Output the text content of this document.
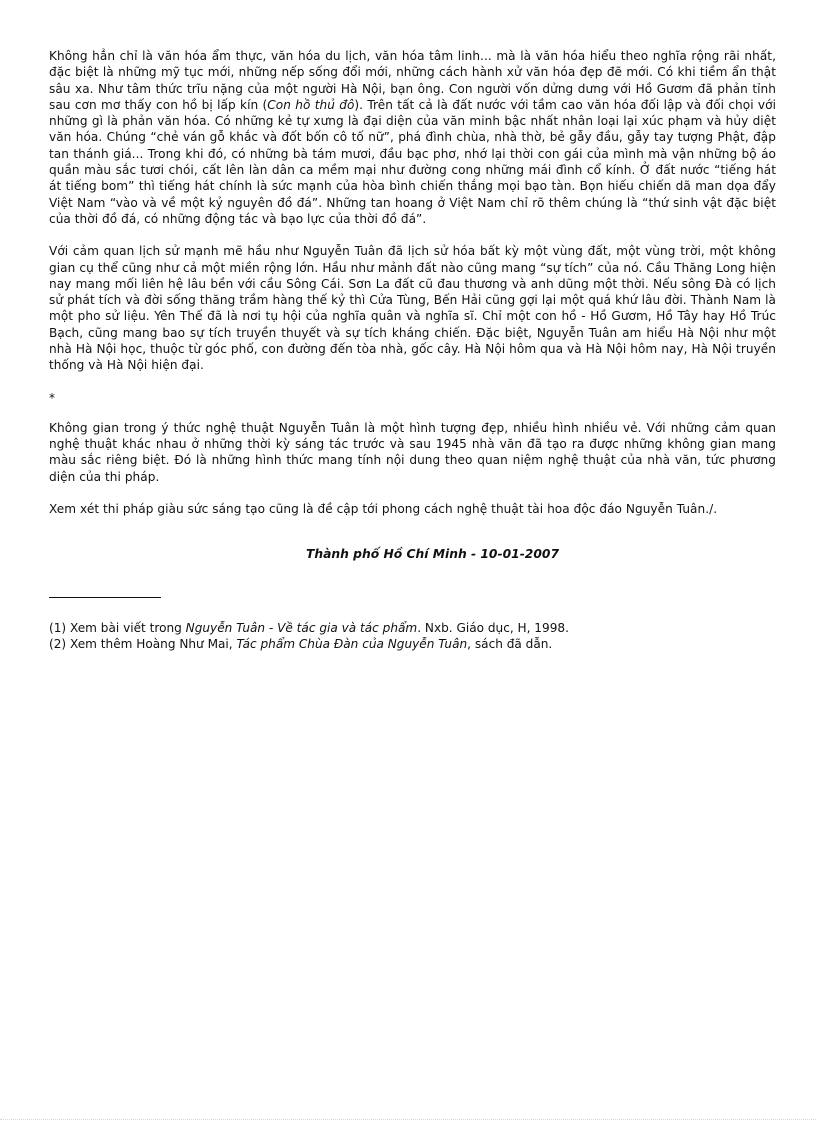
Không hẳn chỉ là văn hóa ẩm thực, văn hóa du lịch, văn hóa tâm linh... mà là văn hóa hiểu theo nghĩa rộng rãi nhất, đặc biệt là những mỹ tục mới, những nếp sống đổi mới, những cách hành xử văn hóa đẹp đẽ mới. Có khi tiềm ẩn thật sâu xa. Như tâm thức trĩu nặng của một người Hà Nội, bạn ông. Con người vốn dửng dưng với Hồ Gươm đã phản tỉnh sau cơn mơ thấy con hồ bị lấp kín (Con hồ thủ đô). Trên tất cả là đất nước với tầm cao văn hóa đối lập và đối chọi với những gì là phản văn hóa. Có những kẻ tự xưng là đại diện của văn minh bậc nhất nhân loại lại xúc phạm và hủy diệt văn hóa. Chúng “chẻ ván gỗ khắc và đốt bốn cô tố nữ”, phá đình chùa, nhà thờ, bẻ gẫy đầu, gẫy tay tượng Phật, đập tan thánh giá... Trong khi đó, có những bà tám mươi, đầu bạc phơ, nhớ lại thời con gái của mình mà vận những bộ áo quần màu sắc tươi chói, cất lên làn dân ca mềm mại như đường cong những mái đình cổ kính. Ở đất nước “tiếng hát át tiếng bom” thì tiếng hát chính là sức mạnh của hòa bình chiến thắng mọi bạo tàn. Bọn hiếu chiến dã man dọa đẩy Việt Nam “vào và về một kỷ nguyên đồ đá”. Những tan hoang ở Việt Nam chỉ rõ thêm chúng là “thứ sinh vật đặc biệt của thời đồ đá, có những động tác và bạo lực của thời đồ đá”.

Với cảm quan lịch sử mạnh mẽ hầu như Nguyễn Tuân đã lịch sử hóa bất kỳ một vùng đất, một vùng trời, một không gian cụ thể cũng như cả một miền rộng lớn. Hầu như mảnh đất nào cũng mang “sự tích” của nó. Cầu Thăng Long hiện nay mang mối liên hệ lâu bền với cầu Sông Cái. Sơn La đất cũ đau thương và anh dũng một thời. Nếu sông Đà có lịch sử phát tích và đời sống thăng trầm hàng thế kỷ thì Cửa Tùng, Bến Hải cũng gợi lại một quá khứ lâu đời. Thành Nam là một pho sử liệu. Yên Thế đã là nơi tụ hội của nghĩa quân và nghĩa sĩ. Chỉ một con hồ - Hồ Gươm, Hồ Tây hay Hồ Trúc Bạch, cũng mang bao sự tích truyền thuyết và sự tích kháng chiến. Đặc biệt, Nguyễn Tuân am hiểu Hà Nội như một nhà Hà Nội học, thuộc từ góc phố, con đường đến tòa nhà, gốc cây. Hà Nội hôm qua và Hà Nội hôm nay, Hà Nội truyền thống và Hà Nội hiện đại.

*

Không gian trong ý thức nghệ thuật Nguyễn Tuân là một hình tượng đẹp, nhiều hình nhiều vẻ. Với những cảm quan nghệ thuật khác nhau ở những thời kỳ sáng tác trước và sau 1945 nhà văn đã tạo ra được những không gian mang màu sắc riêng biệt. Đó là những hình thức mang tính nội dung theo quan niệm nghệ thuật của nhà văn, tức phương diện của thi pháp.

Xem xét thi pháp giàu sức sáng tạo cũng là đề cập tới phong cách nghệ thuật tài hoa độc đáo Nguyễn Tuân./.

Thành phố Hồ Chí Minh - 10-01-2007
(1) Xem bài viết trong Nguyễn Tuân - Về tác gia và tác phẩm. Nxb. Giáo dục, H, 1998.
(2) Xem thêm Hoàng Như Mai, Tác phẩm Chùa Đàn của Nguyễn Tuân, sách đã dẫn.
